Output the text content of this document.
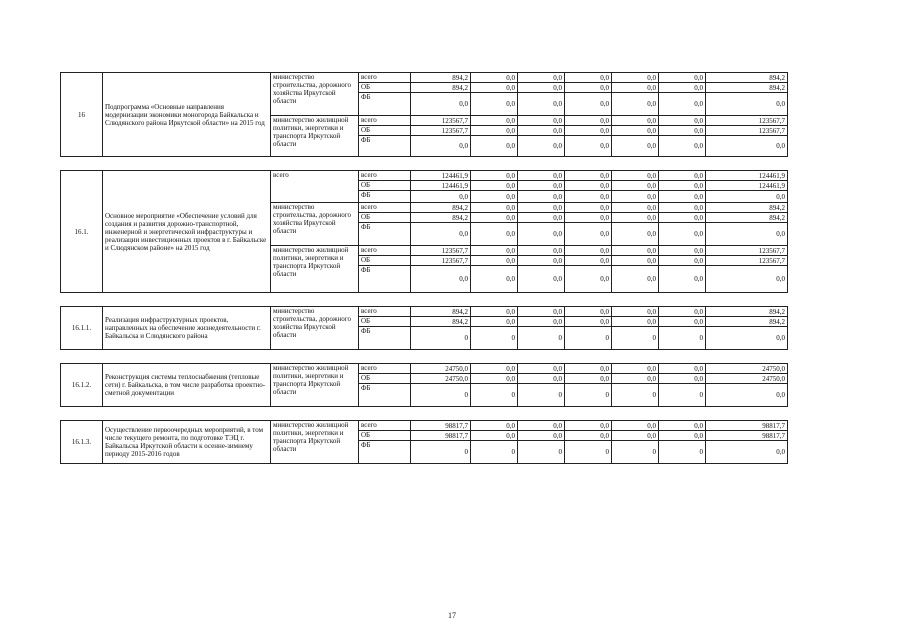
16	Подпрограмма «Основные направления модернизации экономики моногорода Байкальска и Слюдянского района Иркутской области» на 2015 год	министерство строительства, дорожного хозяйства Иркутской области	всего	894,2	0,0	0,0	0,0	0,0	0,0	894,2
			ОБ	894,2	0,0	0,0	0,0	0,0	0,0	894,2
			ФБ	0,0	0,0	0,0	0,0	0,0	0,0	0,0
		министерство жилищной политики, энергетики и транспорта Иркутской области	всего	123567,7	0,0	0,0	0,0	0,0	0,0	123567,7
			ОБ	123567,7	0,0	0,0	0,0	0,0	0,0	123567,7
			ФБ	0,0	0,0	0,0	0,0	0,0	0,0	0,0

16.1.	Основное мероприятие «Обеспечение условий для создания и развития дорожно-транспортной, инженерной и энергетической инфраструктуры и реализации инвестиционных проектов в г. Байкальске и Слюдянском районе» на 2015 год	всего	всего	124461,9	0,0	0,0	0,0	0,0	0,0	124461,9
			ОБ	124461,9	0,0	0,0	0,0	0,0	0,0	124461,9
			ФБ	0,0	0,0	0,0	0,0	0,0	0,0	0,0
		министерство строительства, дорожного хозяйства Иркутской области	всего	894,2	0,0	0,0	0,0	0,0	0,0	894,2
			ОБ	894,2	0,0	0,0	0,0	0,0	0,0	894,2
			ФБ	0,0	0,0	0,0	0,0	0,0	0,0	0,0
		министерство жилищной политики, энергетики и транспорта Иркутской области	всего	123567,7	0,0	0,0	0,0	0,0	0,0	123567,7
			ОБ	123567,7	0,0	0,0	0,0	0,0	0,0	123567,7
			ФБ	0,0	0,0	0,0	0,0	0,0	0,0	0,0

16.1.1.	Реализация инфраструктурных проектов, направленных на обеспечение жизнедеятельности г. Байкальска и Слюдянского района	министерство строительства, дорожного хозяйства Иркутской области	всего	894,2	0,0	0,0	0,0	0,0	0,0	894,2
			ОБ	894,2	0,0	0,0	0,0	0,0	0,0	894,2
			ФБ	0	0	0	0	0	0	0,0

16.1.2.	Реконструкция системы теплоснабжения (тепловые сети) г. Байкальска, в том числе разработка проектно-сметной документации	министерство жилищной политики, энергетики и транспорта Иркутской области	всего	24750,0	0,0	0,0	0,0	0,0	0,0	24750,0
			ОБ	24750,0	0,0	0,0	0,0	0,0	0,0	24750,0
			ФБ	0	0	0	0	0	0	0,0

16.1.3.	Осуществление первоочередных мероприятий, в том числе текущего ремонта, по подготовке ТЭЦ г. Байкальска Иркутской области к осенне-зимнему периоду 2015-2016 годов	министерство жилищной политики, энергетики и транспорта Иркутской области	всего	98817,7	0,0	0,0	0,0	0,0	0,0	98817,7
			ОБ	98817,7	0,0	0,0	0,0	0,0	0,0	98817,7
			ФБ	0	0	0	0	0	0	0,0
17
